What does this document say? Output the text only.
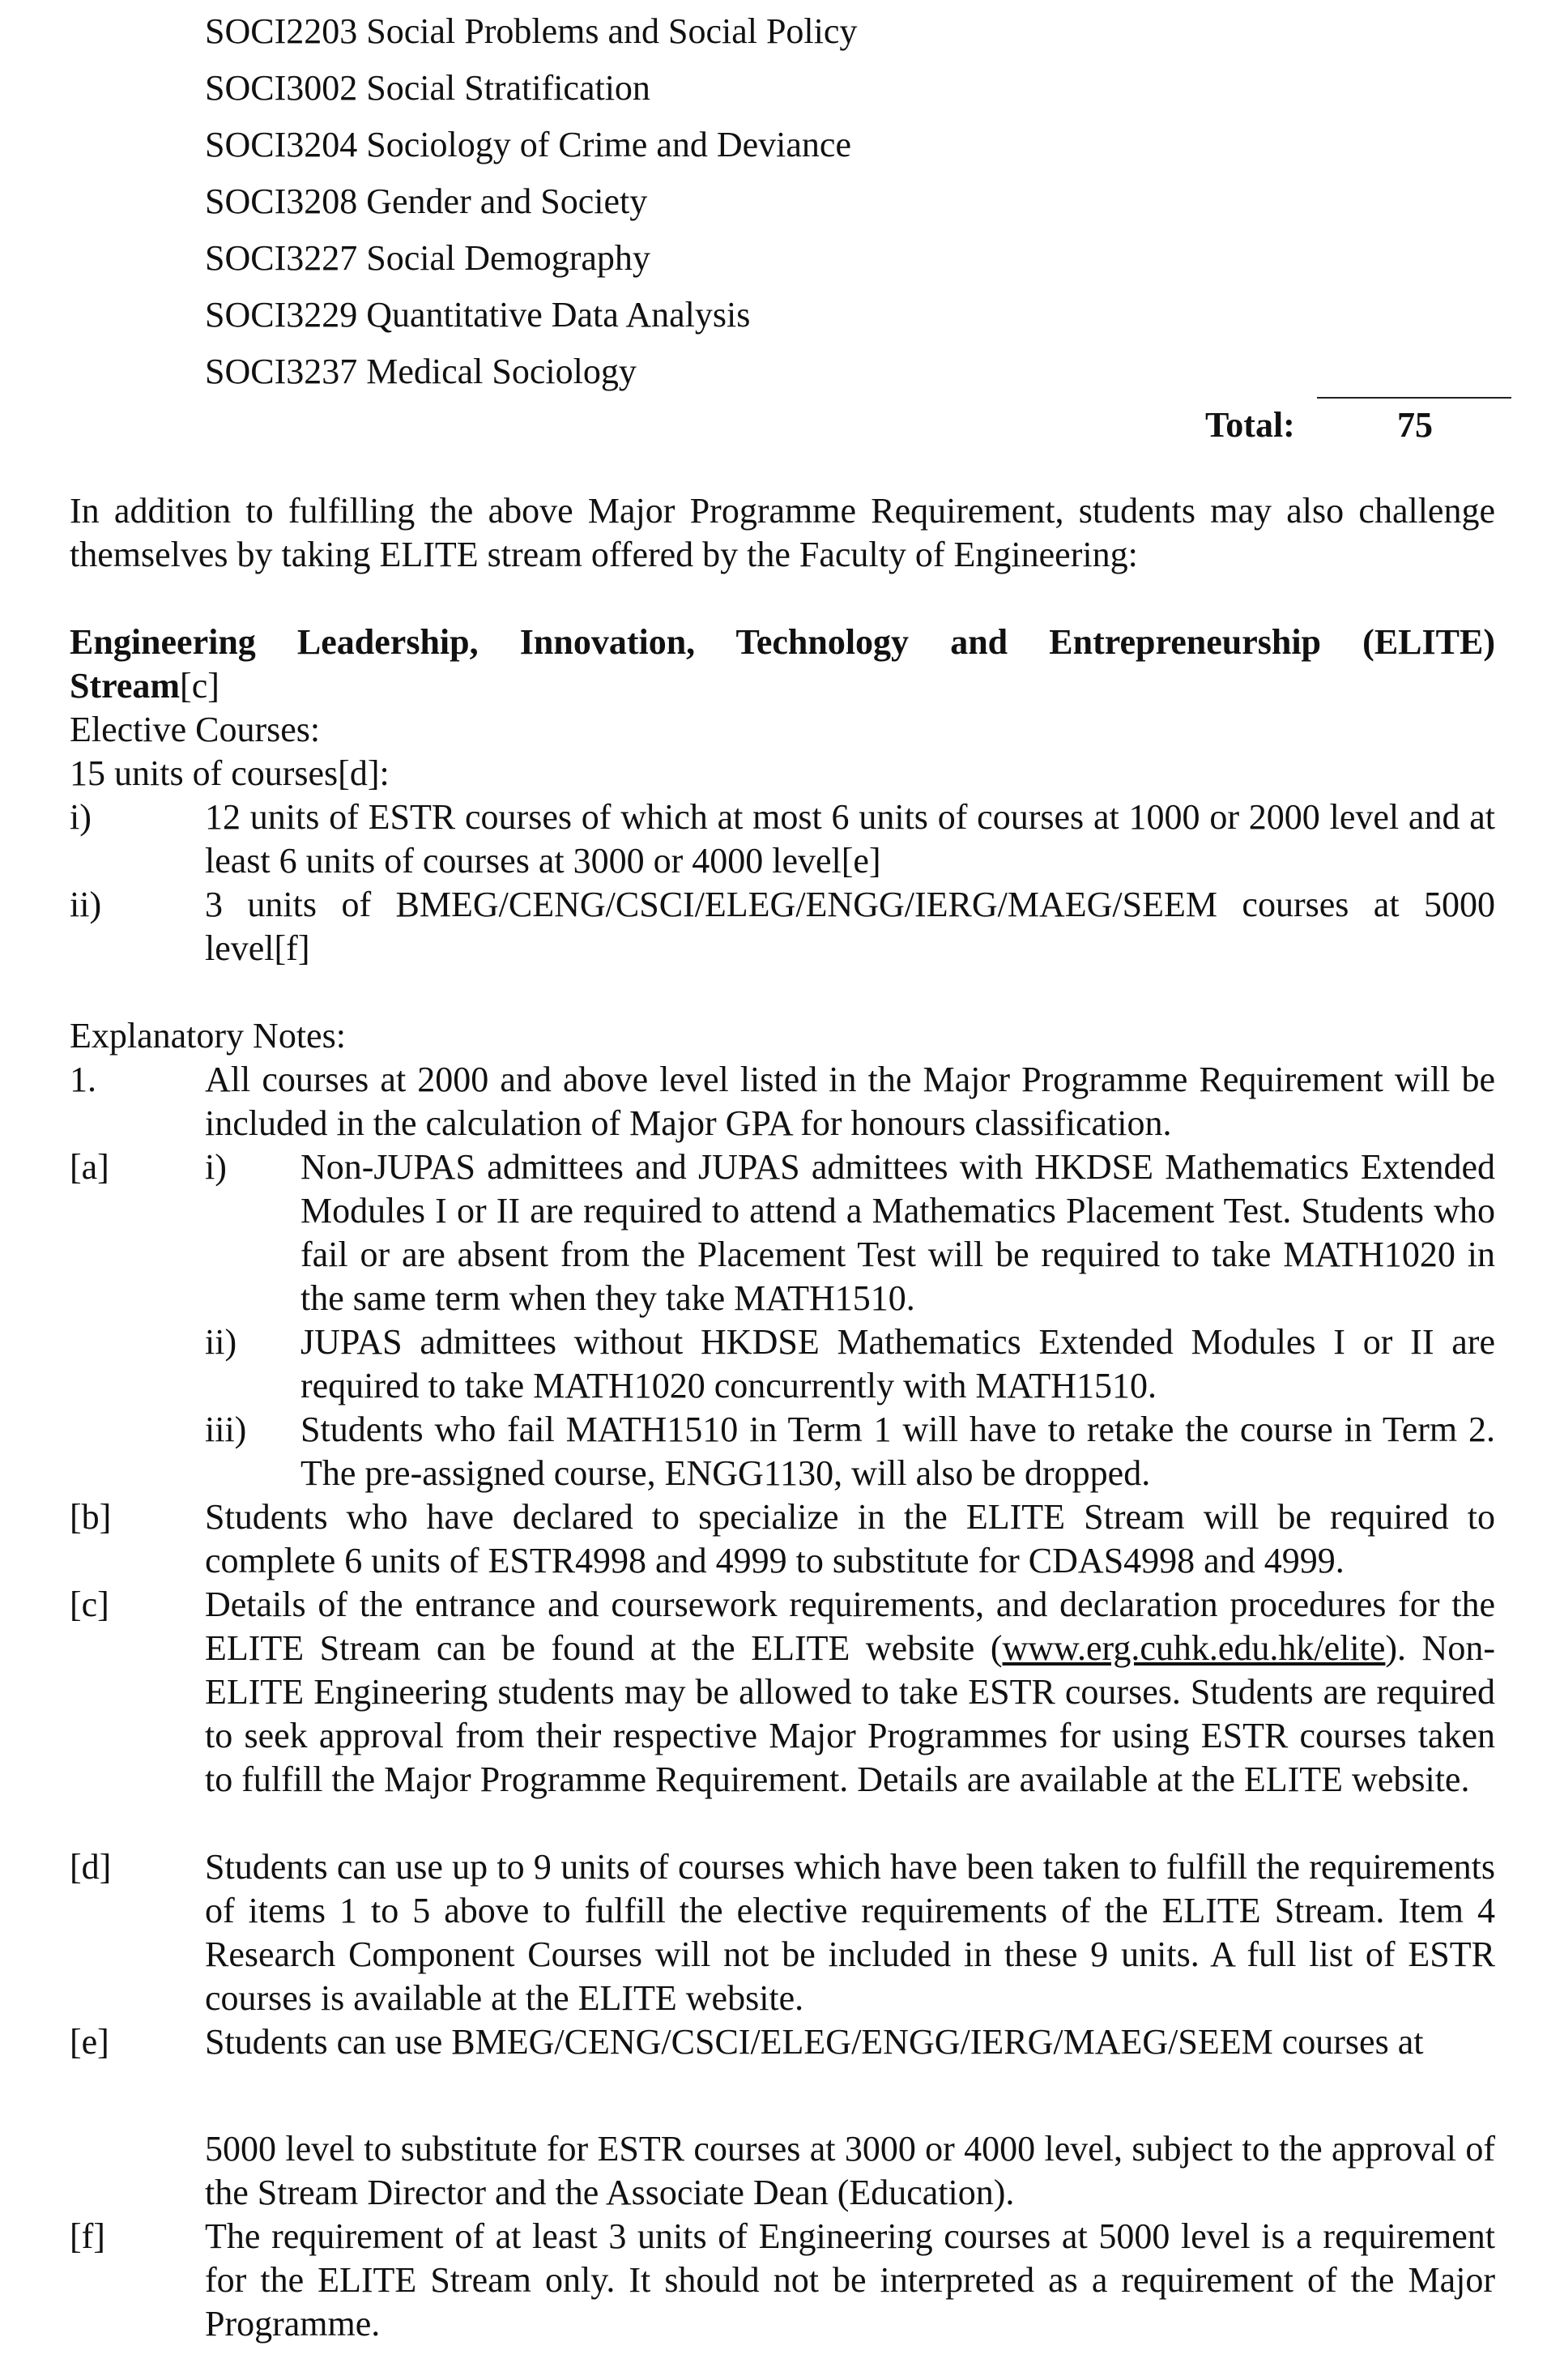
SOCI2203 Social Problems and Social Policy
SOCI3002 Social Stratification
SOCI3204 Sociology of Crime and Deviance
SOCI3208 Gender and Society
SOCI3227 Social Demography
SOCI3229 Quantitative Data Analysis
SOCI3237 Medical Sociology
Total:	75
In addition to fulfilling the above Major Programme Requirement, students may also challenge themselves by taking ELITE stream offered by the Faculty of Engineering:
Engineering Leadership, Innovation, Technology and Entrepreneurship (ELITE)
Stream[c]
Elective Courses:
15 units of courses[d]:
i)	12 units of ESTR courses of which at most 6 units of courses at 1000 or 2000 level and at least 6 units of courses at 3000 or 4000 level[e]
ii)	3 units of BMEG/CENG/CSCI/ELEG/ENGG/IERG/MAEG/SEEM courses at 5000 level[f]
Explanatory Notes:
1.	All courses at 2000 and above level listed in the Major Programme Requirement will be included in the calculation of Major GPA for honours classification.
[a]	i) Non-JUPAS admittees and JUPAS admittees with HKDSE Mathematics Extended Modules I or II are required to attend a Mathematics Placement Test. Students who fail or are absent from the Placement Test will be required to take MATH1020 in the same term when they take MATH1510.
ii) JUPAS admittees without HKDSE Mathematics Extended Modules I or II are required to take MATH1020 concurrently with MATH1510.
iii) Students who fail MATH1510 in Term 1 will have to retake the course in Term 2. The pre-assigned course, ENGG1130, will also be dropped.
[b]	Students who have declared to specialize in the ELITE Stream will be required to complete 6 units of ESTR4998 and 4999 to substitute for CDAS4998 and 4999.
[c]	Details of the entrance and coursework requirements, and declaration procedures for the ELITE Stream can be found at the ELITE website (www.erg.cuhk.edu.hk/elite). Non-ELITE Engineering students may be allowed to take ESTR courses. Students are required to seek approval from their respective Major Programmes for using ESTR courses taken to fulfill the Major Programme Requirement. Details are available at the ELITE website.
[d]	Students can use up to 9 units of courses which have been taken to fulfill the requirements of items 1 to 5 above to fulfill the elective requirements of the ELITE Stream. Item 4 Research Component Courses will not be included in these 9 units. A full list of ESTR courses is available at the ELITE website.
[e]	Students can use BMEG/CENG/CSCI/ELEG/ENGG/IERG/MAEG/SEEM courses at
5000 level to substitute for ESTR courses at 3000 or 4000 level, subject to the approval of the Stream Director and the Associate Dean (Education).
[f]	The requirement of at least 3 units of Engineering courses at 5000 level is a requirement for the ELITE Stream only. It should not be interpreted as a requirement of the Major Programme.
